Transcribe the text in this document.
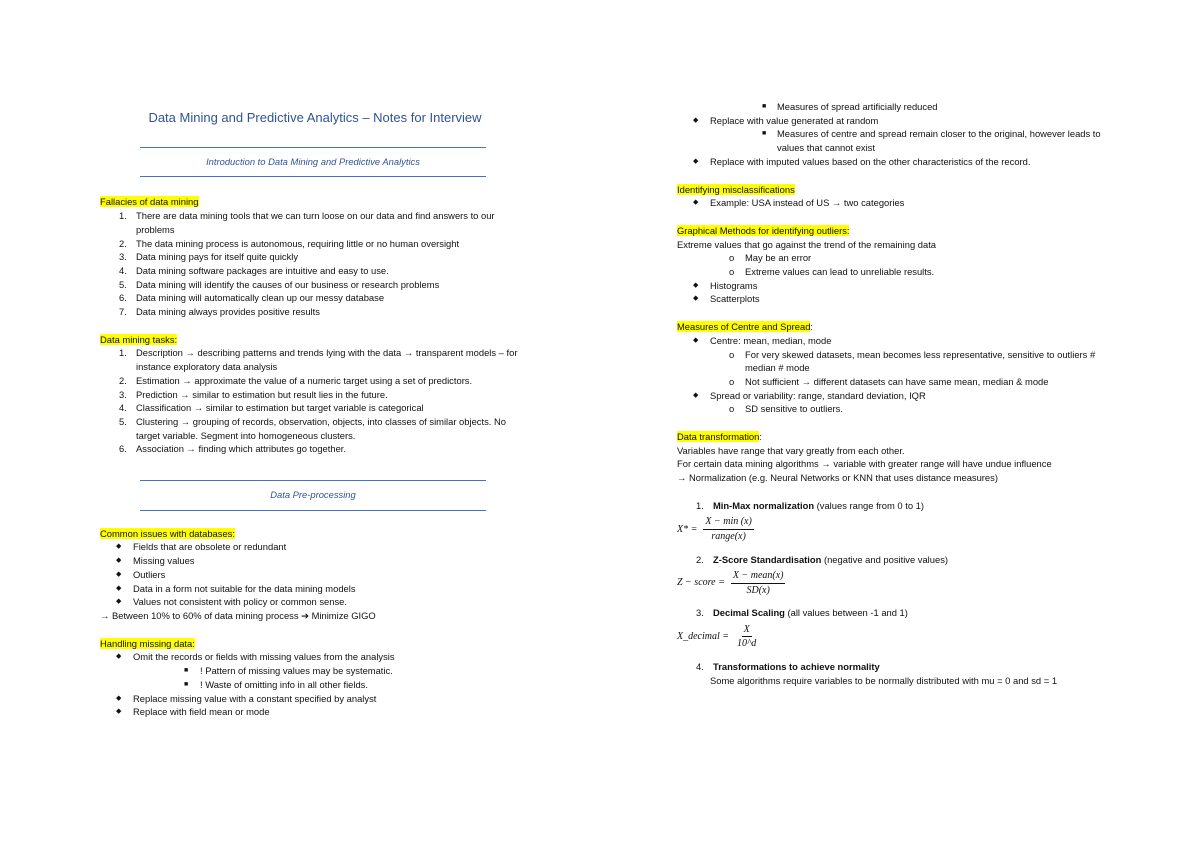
Data Mining and Predictive Analytics – Notes for Interview
Introduction to Data Mining and Predictive Analytics
Fallacies of data mining
1. There are data mining tools that we can turn loose on our data and find answers to our problems
2. The data mining process is autonomous, requiring little or no human oversight
3. Data mining pays for itself quite quickly
4. Data mining software packages are intuitive and easy to use.
5. Data mining will identify the causes of our business or research problems
6. Data mining will automatically clean up our messy database
7. Data mining always provides positive results
Data mining tasks:
1. Description → describing patterns and trends lying with the data → transparent models – for instance exploratory data analysis
2. Estimation → approximate the value of a numeric target using a set of predictors.
3. Prediction → similar to estimation but result lies in the future.
4. Classification → similar to estimation but target variable is categorical
5. Clustering → grouping of records, observation, objects, into classes of similar objects. No target variable. Segment into homogeneous clusters.
6. Association → finding which attributes go together.
Data Pre-processing
Common issues with databases:
◆ Fields that are obsolete or redundant
◆ Missing values
◆ Outliers
◆ Data in a form not suitable for the data mining models
◆ Values not consistent with policy or common sense.
→ Between 10% to 60% of data mining process ➔ Minimize GIGO
Handling missing data:
◆ Omit the records or fields with missing values from the analysis
■ ! Pattern of missing values may be systematic.
■ ! Waste of omitting info in all other fields.
◆ Replace missing value with a constant specified by analyst
◆ Replace with field mean or mode
■ Measures of spread artificially reduced
◆ Replace with value generated at random
■ Measures of centre and spread remain closer to the original, however leads to values that cannot exist
◆ Replace with imputed values based on the other characteristics of the record.
Identifying misclassifications
◆ Example: USA instead of US → two categories
Graphical Methods for identifying outliers:
Extreme values that go against the trend of the remaining data
o May be an error
o Extreme values can lead to unreliable results.
◆ Histograms
◆ Scatterplots
Measures of Centre and Spread:
◆ Centre: mean, median, mode
o For very skewed datasets, mean becomes less representative, sensitive to outliers # median # mode
o Not sufficient → different datasets can have same mean, median & mode
◆ Spread or variability: range, standard deviation, IQR
o SD sensitive to outliers.
Data transformation:
Variables have range that vary greatly from each other.
For certain data mining algorithms → variable with greater range will have undue influence
→ Normalization (e.g. Neural Networks or KNN that uses distance measures)
1. Min-Max normalization (values range from 0 to 1)
$X* = \frac{X - \min (x)}{\text{range(x)}}$
2. Z-Score Standardisation (negative and positive values)
Z − score = $\frac{\text{X − mean(x)}}{SD(x)}$
3. Decimal Scaling (all values between -1 and 1)
X_decimal = $\frac{X}{10\^{}d}$
4. Transformations to achieve normality
Some algorithms require variables to be normally distributed with mu = 0 and sd = 1
